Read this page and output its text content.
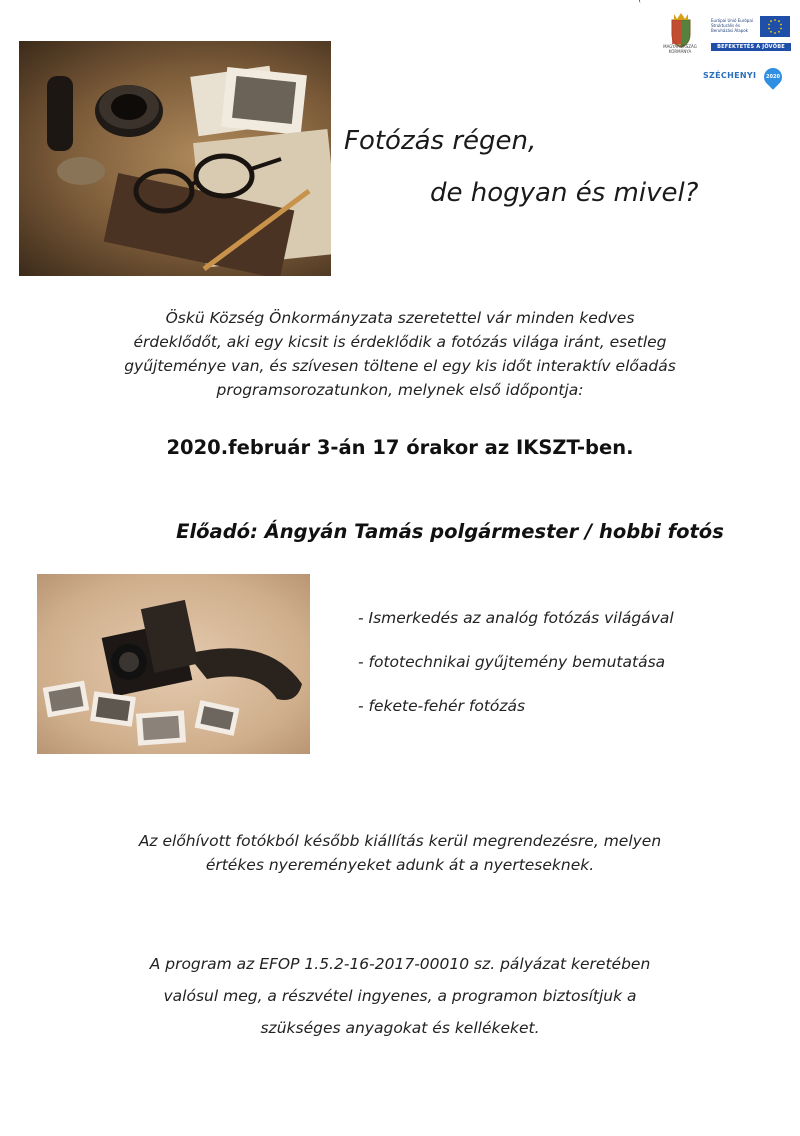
MAGYARORSZÁG KORMÁNYA
Európai Unió Európai Strukturális és Beruházási Alapok
BEFEKTETÉS A JÖVŐBE
SZÉCHENYI	2020
Fotózás régen,
de hogyan és mivel?
Öskü Község Önkormányzata szeretettel vár minden kedves
érdeklődőt, aki egy kicsit is érdeklődik a fotózás világa iránt, esetleg
gyűjteménye van, és szívesen töltene el egy kis időt interaktív előadás
programsorozatunkon, melynek első időpontja:
2020.február 3-án 17 órakor az IKSZT-ben.
Előadó: Ángyán Tamás polgármester / hobbi fotós
- Ismerkedés az analóg fotózás világával
- fototechnikai gyűjtemény bemutatása
- fekete-fehér fotózás
Az előhívott fotókból később kiállítás kerül megrendezésre, melyen
értékes nyereményeket adunk át a nyerteseknek.
A program az EFOP 1.5.2-16-2017-00010 sz. pályázat keretében
valósul meg, a részvétel ingyenes, a programon biztosítjuk a
szükséges anyagokat és kellékeket.
